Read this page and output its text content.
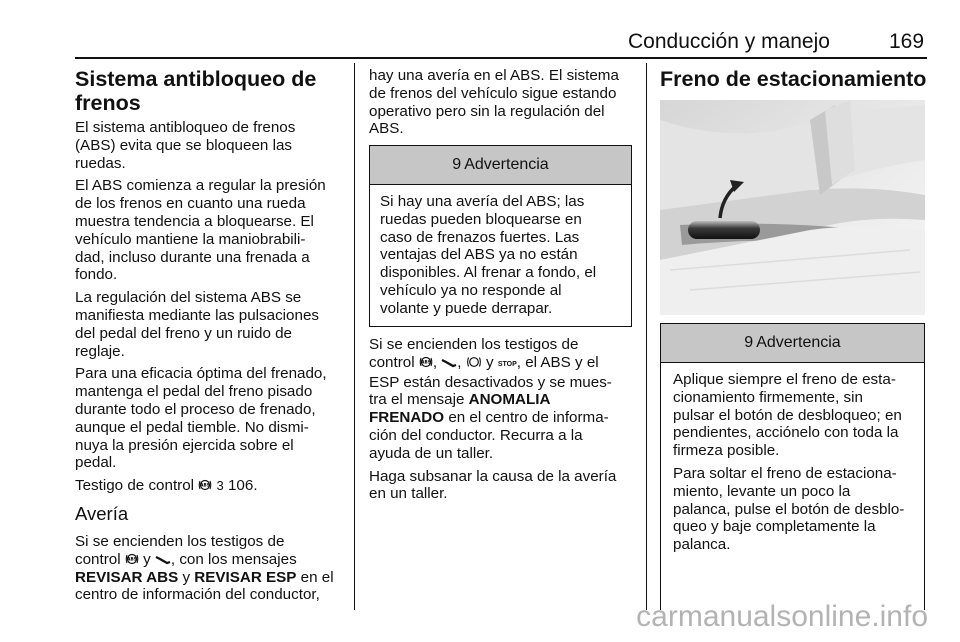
Conducción y manejo	169
Sistema antibloqueo de
frenos

El sistema antibloqueo de frenos
(ABS) evita que se bloqueen las
ruedas.

El ABS comienza a regular la presión
de los frenos en cuanto una rueda
muestra tendencia a bloquearse. El
vehículo mantiene la maniobrabili-
dad, incluso durante una frenada a
fondo.

La regulación del sistema ABS se
manifiesta mediante las pulsaciones
del pedal del freno y un ruido de
reglaje.

Para una eficacia óptima del frenado,
mantenga el pedal del freno pisado
durante todo el proceso de frenado,
aunque el pedal tiemble. No dismi-
nuya la presión ejercida sobre el
pedal.

Testigo de control ABS 3 106.

Avería

Si se encienden los testigos de
control ABS y , con los mensajes
REVISAR ABS y REVISAR ESP en el
centro de información del conductor,

hay una avería en el ABS. El sistema
de frenos del vehículo sigue estando
operativo pero sin la regulación del
ABS.

9 Advertencia
Si hay una avería del ABS; las
ruedas pueden bloquearse en
caso de frenazos fuertes. Las
ventajas del ABS ya no están
disponibles. Al frenar a fondo, el
vehículo ya no responde al
volante y puede derrapar.

Si se encienden los testigos de
control ABS , , y STOP, el ABS y el
ESP están desactivados y se mues-
tra el mensaje ANOMALIA
FRENADO en el centro de informa-
ción del conductor. Recurra a la
ayuda de un taller.

Haga subsanar la causa de la avería
en un taller.

Freno de estacionamiento
9 Advertencia

Aplique siempre el freno de esta-
cionamiento firmemente, sin
pulsar el botón de desbloqueo; en
pendientes, acciónelo con toda la
firmeza posible.

Para soltar el freno de estaciona-
miento, levante un poco la
palanca, pulse el botón de desblo-
queo y baje completamente la
palanca.

carmanualsonline.info
